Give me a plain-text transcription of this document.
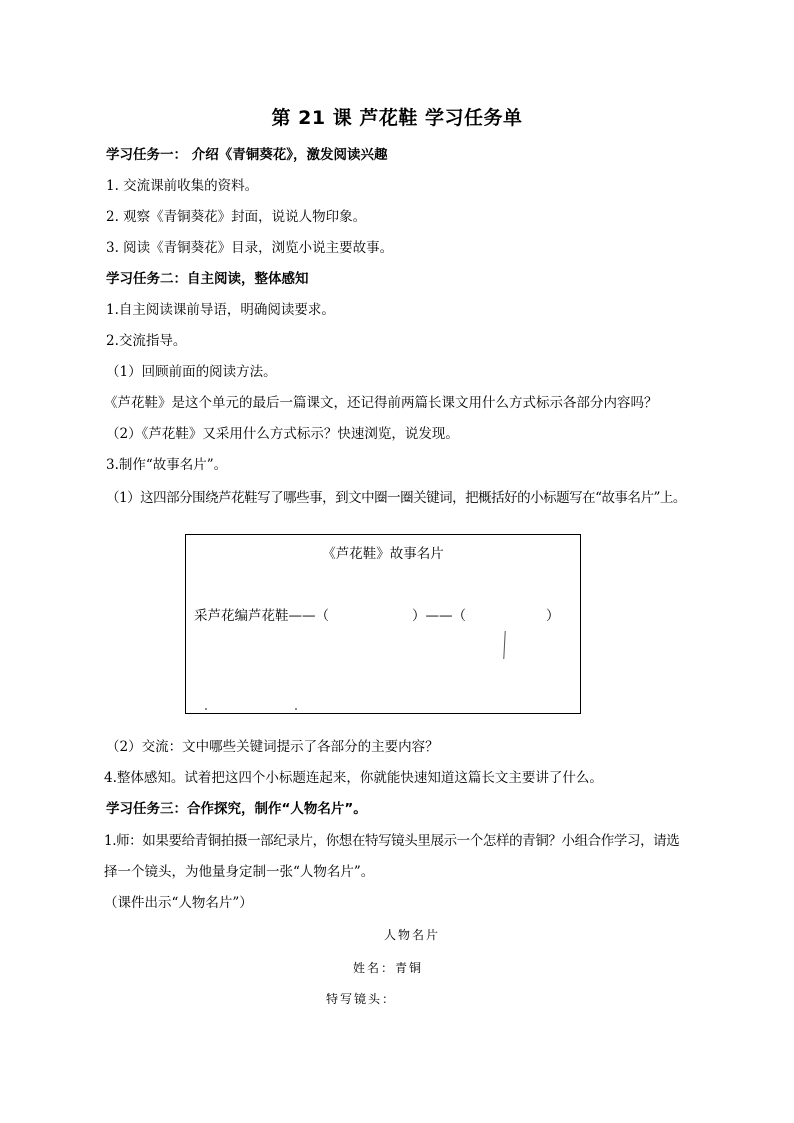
第 21 课 芦花鞋 学习任务单
学习任务一： 介绍《青铜葵花》，激发阅读兴趣
1. 交流课前收集的资料。
2. 观察《青铜葵花》封面，说说人物印象。
3. 阅读《青铜葵花》目录，浏览小说主要故事。
学习任务二：自主阅读，整体感知
1.自主阅读课前导语，明确阅读要求。
2.交流指导。
（1）回顾前面的阅读方法。
《芦花鞋》是这个单元的最后一篇课文，还记得前两篇长课文用什么方式标示各部分内容吗？
（2）《芦花鞋》又采用什么方式标示？快速浏览，说发现。
3.制作“故事名片”。
（1）这四部分围绕芦花鞋写了哪些事，到文中圈一圈关键词，把概括好的小标题写在“故事名片”上。
《芦花鞋》故事名片
采芦花编芦花鞋——（	）——（	）
（2）交流：文中哪些关键词提示了各部分的主要内容？
4.整体感知。试着把这四个小标题连起来，你就能快速知道这篇长文主要讲了什么。
学习任务三：合作探究，制作“人物名片”。
1.师：如果要给青铜拍摄一部纪录片，你想在特写镜头里展示一个怎样的青铜？小组合作学习，请选
择一个镜头，为他量身定制一张“人物名片”。
（课件出示“人物名片”）
人物名片
姓名：青铜
特写镜头：
